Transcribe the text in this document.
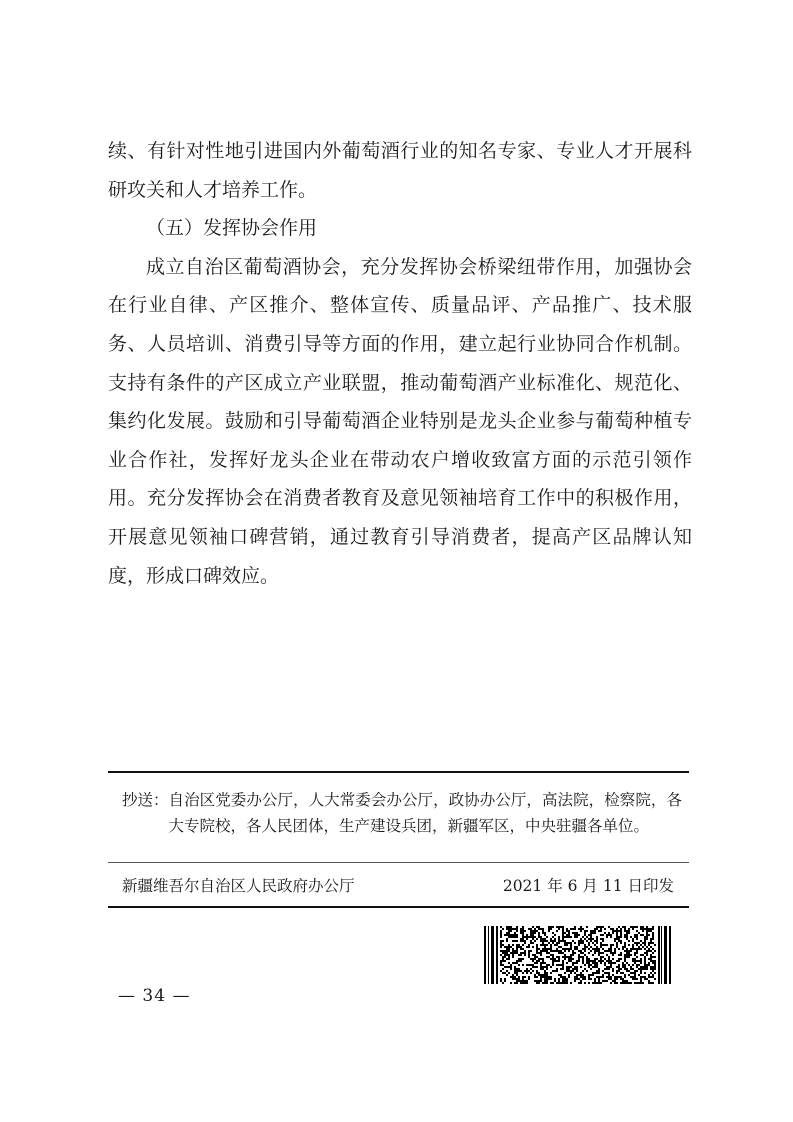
续、有针对性地引进国内外葡萄酒行业的知名专家、专业人才开展科研攻关和人才培养工作。

（五）发挥协会作用

成立自治区葡萄酒协会，充分发挥协会桥梁纽带作用，加强协会在行业自律、产区推介、整体宣传、质量品评、产品推广、技术服务、人员培训、消费引导等方面的作用，建立起行业协同合作机制。支持有条件的产区成立产业联盟，推动葡萄酒产业标准化、规范化、集约化发展。鼓励和引导葡萄酒企业特别是龙头企业参与葡萄种植专业合作社，发挥好龙头企业在带动农户增收致富方面的示范引领作用。充分发挥协会在消费者教育及意见领袖培育工作中的积极作用，开展意见领袖口碑营销，通过教育引导消费者，提高产区品牌认知度，形成口碑效应。

抄送： 自治区党委办公厅，人大常委会办公厅，政协办公厅，高法院，检察院，各大专院校，各人民团体，生产建设兵团，新疆军区，中央驻疆各单位。
新疆维吾尔自治区人民政府办公厅	2021 年 6 月 11 日印发
— 34 —
